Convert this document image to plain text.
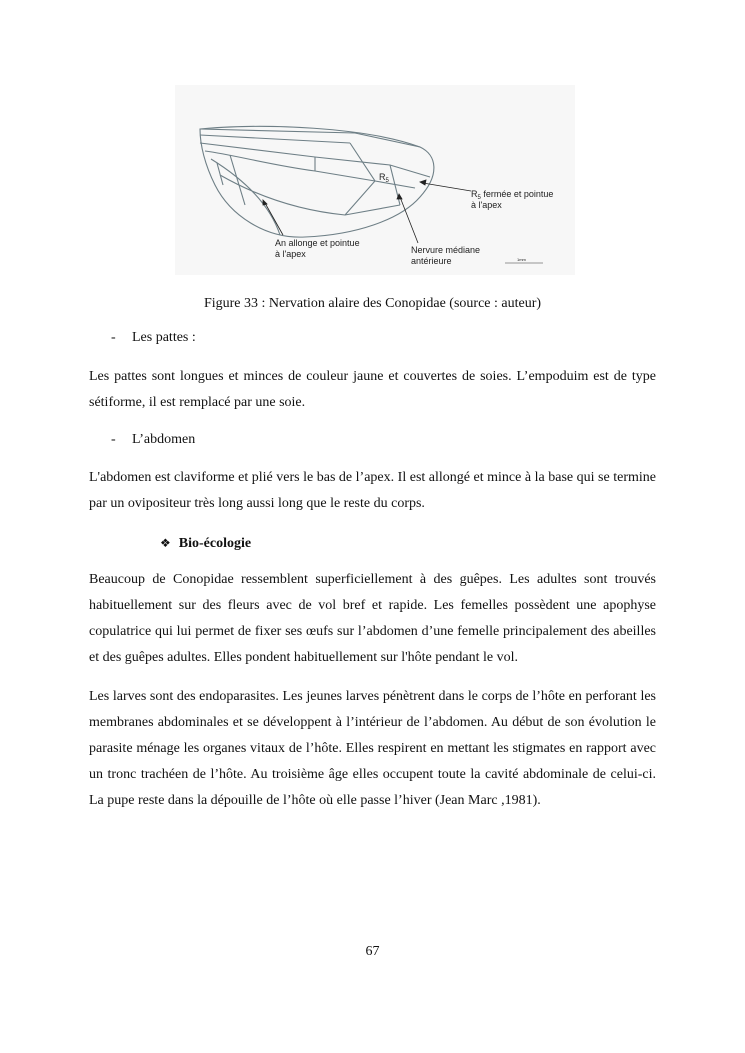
$R_5$
$R_5$ fermée et pointue
à l'apex
An allonge et pointue
à l'apex	Nervure médiane
antérieure	1mm
Figure 33 : Nervation alaire des Conopidae (source : auteur)
- Les pattes :

Les pattes sont longues et minces de couleur jaune et couvertes de soies. L’empoduim est de type sétiforme, il est remplacé par une soie.

- L’abdomen

L'abdomen est claviforme et plié vers le bas de l’apex. Il est allongé et mince à la base qui se termine par un ovipositeur très long aussi long que le reste du corps.

❖ Bio-écologie

Beaucoup de Conopidae ressemblent superficiellement à des guêpes. Les adultes sont trouvés habituellement sur des fleurs avec de vol bref et rapide. Les femelles possèdent une apophyse copulatrice qui lui permet de fixer ses œufs sur l’abdomen d’une femelle principalement des abeilles et des guêpes adultes. Elles pondent habituellement sur l'hôte pendant le vol.

Les larves sont des endoparasites. Les jeunes larves pénètrent dans le corps de l’hôte en perforant les membranes abdominales et se développent à l’intérieur de l’abdomen. Au début de son évolution le parasite ménage les organes vitaux de l’hôte. Elles respirent en mettant les stigmates en rapport avec un tronc trachéen de l’hôte. Au troisième âge elles occupent toute la cavité abdominale de celui-ci. La pupe reste dans la dépouille de l’hôte où elle passe l’hiver (Jean Marc ,1981).

67
